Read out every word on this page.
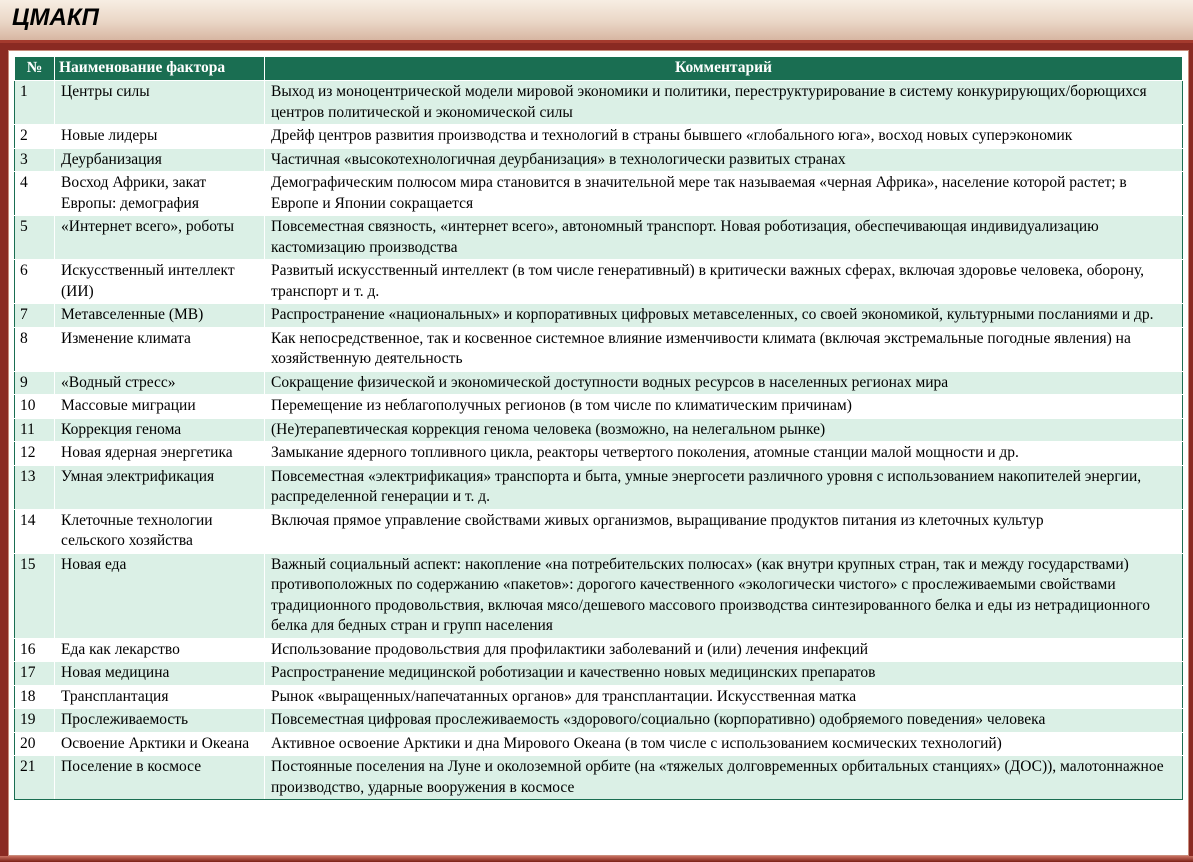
ЦМАКП
№	Наименование фактора	Комментарий
1	Центры силы	Выход из моноцентрической модели мировой экономики и политики, переструктурирование в систему конкурирующих/борющихся центров политической и экономической силы
2	Новые лидеры	Дрейф центров развития производства и технологий в страны бывшего «глобального юга», восход новых суперэкономик
3	Деурбанизация	Частичная «высокотехнологичная деурбанизация» в технологически развитых странах
4	Восход Африки, закат Европы: демография	Демографическим полюсом мира становится в значительной мере так называемая «черная Африка», население которой растет; в Европе и Японии сокращается
5	«Интернет всего», роботы	Повсеместная связность, «интернет всего», автономный транспорт. Новая роботизация, обеспечивающая индивидуализацию кастомизацию производства
6	Искусственный интеллект (ИИ)	Развитый искусственный интеллект (в том числе генеративный) в критически важных сферах, включая здоровье человека, оборону, транспорт и т. д.
7	Метавселенные (МВ)	Распространение «национальных» и корпоративных цифровых метавселенных, со своей экономикой, культурными посланиями и др.
8	Изменение климата	Как непосредственное, так и косвенное системное влияние изменчивости климата (включая экстремальные погодные явления) на хозяйственную деятельность
9	«Водный стресс»	Сокращение физической и экономической доступности водных ресурсов в населенных регионах мира
10	Массовые миграции	Перемещение из неблагополучных регионов (в том числе по климатическим причинам)
11	Коррекция генома	(Не)терапевтическая коррекция генома человека (возможно, на нелегальном рынке)
12	Новая ядерная энергетика	Замыкание ядерного топливного цикла, реакторы четвертого поколения, атомные станции малой мощности и др.
13	Умная электрификация	Повсеместная «электрификация» транспорта и быта, умные энергосети различного уровня с использованием накопителей энергии, распределенной генерации и т. д.
14	Клеточные технологии сельского хозяйства	Включая прямое управление свойствами живых организмов, выращивание продуктов питания из клеточных культур
15	Новая еда	Важный социальный аспект: накопление «на потребительских полюсах» (как внутри крупных стран, так и между государствами) противоположных по содержанию «пакетов»: дорогого качественного «экологически чистого» с прослеживаемыми свойствами традиционного продовольствия, включая мясо/дешевого массового производства синтезированного белка и еды из нетрадиционного белка для бедных стран и групп населения
16	Еда как лекарство	Использование продовольствия для профилактики заболеваний и (или) лечения инфекций
17	Новая медицина	Распространение медицинской роботизации и качественно новых медицинских препаратов
18	Трансплантация	Рынок «выращенных/напечатанных органов» для трансплантации. Искусственная матка
19	Прослеживаемость	Повсеместная цифровая прослеживаемость «здорового/социально (корпоративно) одобряемого поведения» человека
20	Освоение Арктики и Океана	Активное освоение Арктики и дна Мирового Океана (в том числе с использованием космических технологий)
21	Поселение в космосе	Постоянные поселения на Луне и околоземной орбите (на «тяжелых долговременных орбитальных станциях» (ДОС)), малотоннажное производство, ударные вооружения в космосе
